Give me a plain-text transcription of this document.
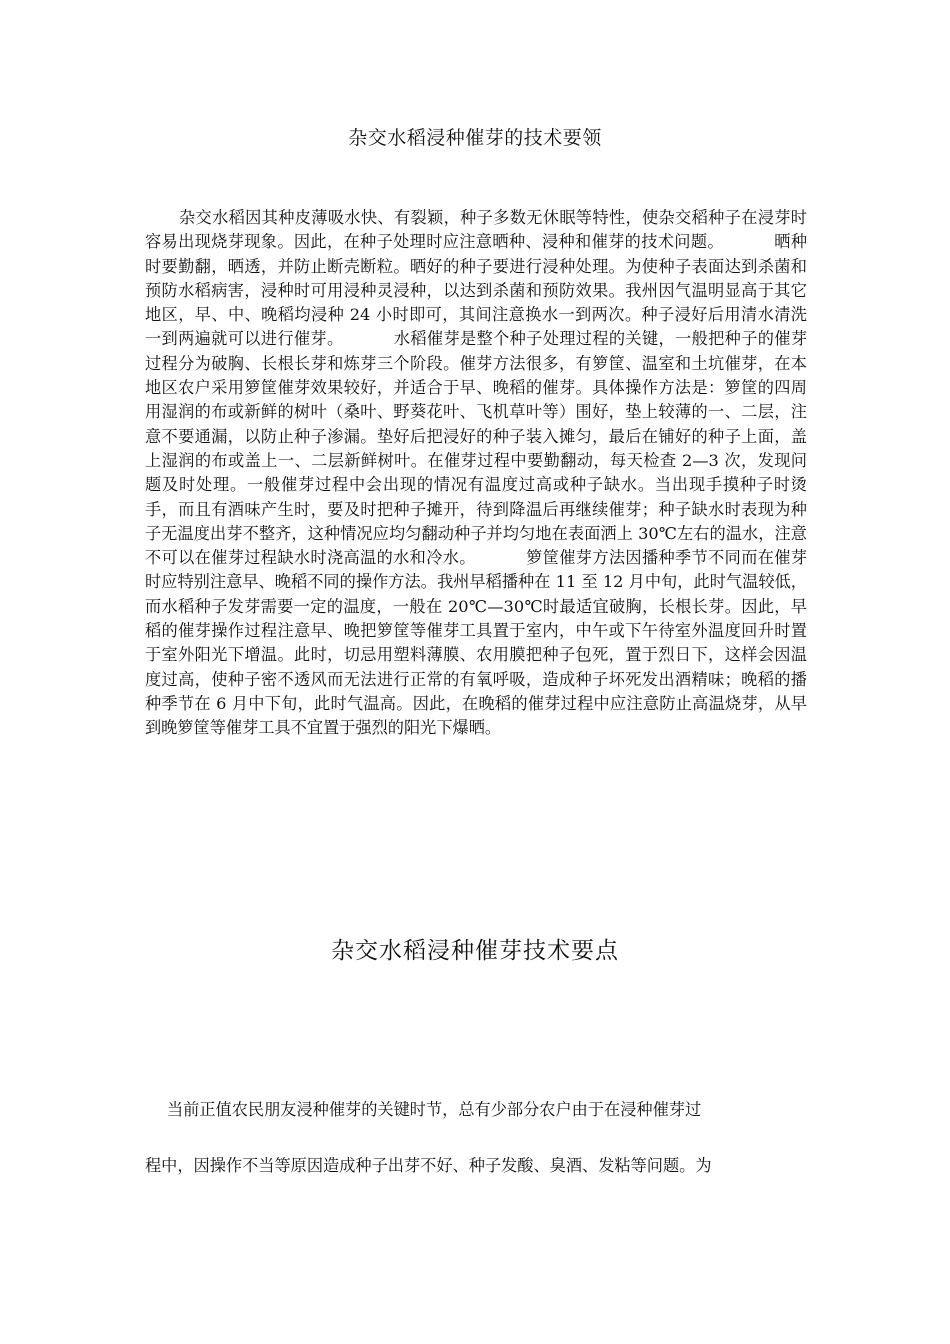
杂交水稻浸种催芽的技术要领
杂交水稻因其种皮薄吸水快、有裂颖，种子多数无休眠等特性，使杂交稻种子在浸芽时容易出现烧芽现象。因此，在种子处理时应注意晒种、浸种和催芽的技术问题。	晒种时要勤翻，晒透，并防止断壳断粒。晒好的种子要进行浸种处理。为使种子表面达到杀菌和预防水稻病害，浸种时可用浸种灵浸种，以达到杀菌和预防效果。我州因气温明显高于其它地区，早、中、晚稻均浸种 24 小时即可，其间注意换水一到两次。种子浸好后用清水清洗一到两遍就可以进行催芽。	水稻催芽是整个种子处理过程的关键，一般把种子的催芽过程分为破胸、长根长芽和炼芽三个阶段。催芽方法很多，有箩筐、温室和土坑催芽，在本地区农户采用箩筐催芽效果较好，并适合于早、晚稻的催芽。具体操作方法是：箩筐的四周用湿润的布或新鲜的树叶（桑叶、野葵花叶、飞机草叶等）围好，垫上较薄的一、二层，注意不要通漏，以防止种子渗漏。垫好后把浸好的种子装入摊匀，最后在铺好的种子上面，盖上湿润的布或盖上一、二层新鲜树叶。在催芽过程中要勤翻动，每天检查 2—3 次，发现问题及时处理。一般催芽过程中会出现的情况有温度过高或种子缺水。当出现手摸种子时烫手，而且有酒味产生时，要及时把种子摊开，待到降温后再继续催芽；种子缺水时表现为种子无温度出芽不整齐，这种情况应均匀翻动种子并均匀地在表面洒上 30℃左右的温水，注意不可以在催芽过程缺水时浇高温的水和冷水。	箩筐催芽方法因播种季节不同而在催芽时应特别注意早、晚稻不同的操作方法。我州早稻播种在 11 至 12 月中旬，此时气温较低，而水稻种子发芽需要一定的温度，一般在 20℃—30℃时最适宜破胸，长根长芽。因此，早稻的催芽操作过程注意早、晚把箩筐等催芽工具置于室内，中午或下午待室外温度回升时置于室外阳光下增温。此时，切忌用塑料薄膜、农用膜把种子包死，置于烈日下，这样会因温度过高，使种子密不透风而无法进行正常的有氧呼吸，造成种子坏死发出酒精味；晚稻的播种季节在 6 月中下旬，此时气温高。因此，在晚稻的催芽过程中应注意防止高温烧芽，从早到晚箩筐等催芽工具不宜置于强烈的阳光下爆晒。
杂交水稻浸种催芽技术要点
当前正值农民朋友浸种催芽的关键时节，总有少部分农户由于在浸种催芽过
程中，因操作不当等原因造成种子出芽不好、种子发酸、臭酒、发粘等问题。为
